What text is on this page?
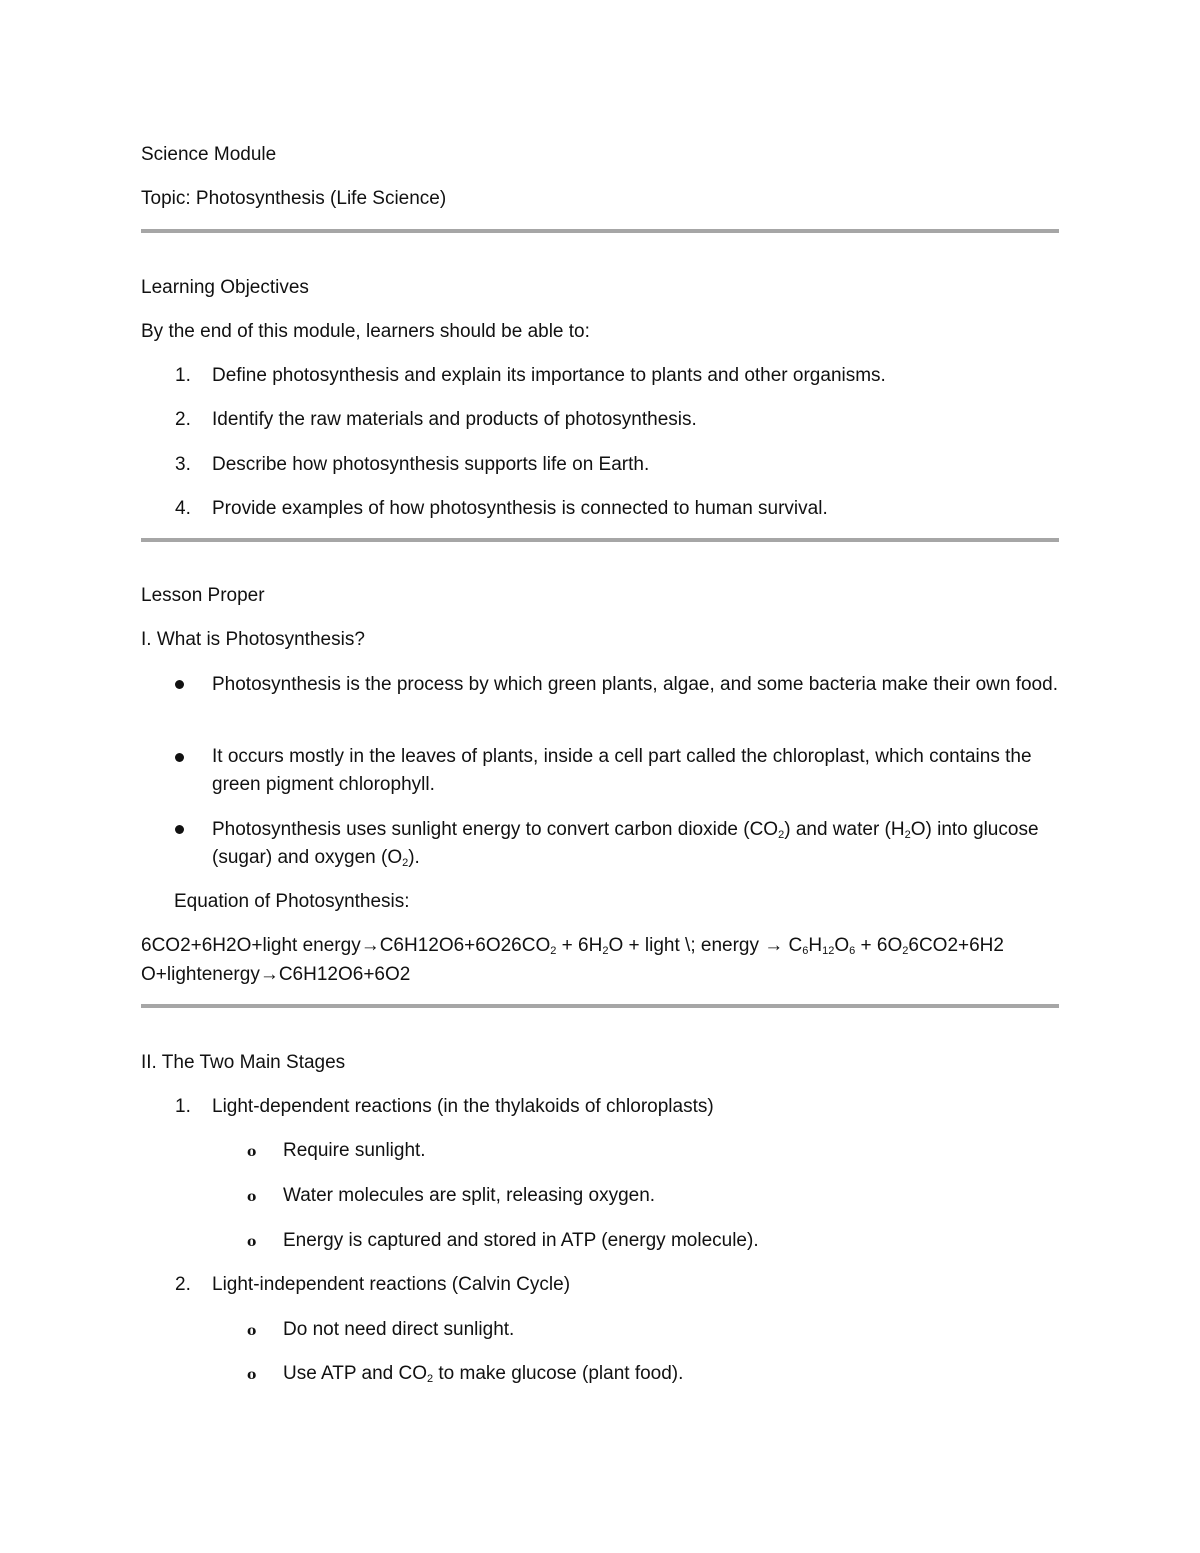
Science Module
Topic: Photosynthesis (Life Science)
Learning Objectives
By the end of this module, learners should be able to:
1. Define photosynthesis and explain its importance to plants and other organisms.
2. Identify the raw materials and products of photosynthesis.
3. Describe how photosynthesis supports life on Earth.
4. Provide examples of how photosynthesis is connected to human survival.
Lesson Proper
I. What is Photosynthesis?
Photosynthesis is the process by which green plants, algae, and some bacteria make their own food.
It occurs mostly in the leaves of plants, inside a cell part called the chloroplast, which contains the green pigment chlorophyll.
Photosynthesis uses sunlight energy to convert carbon dioxide $(CO_2)$ and water $(H_2O)$ into glucose (sugar) and oxygen $(O_2)$.
Equation of Photosynthesis:
6CO2+6H2O+light $energy\to C6H12O6+6O26CO_2 + 6H_2O$ + light \; energy → $C_6H_{12}O_6 + 6O_26CO2+6H2$
O+lightenergy→C6H12O6+6O2
II. The Two Main Stages
1. Light-dependent reactions (in the thylakoids of chloroplasts)
o Require sunlight.
o Water molecules are split, releasing oxygen.
o Energy is captured and stored in ATP (energy molecule).
2. Light-independent reactions (Calvin Cycle)
o Do not need direct sunlight.
o Use ATP and $CO_2$ to make glucose (plant food).
